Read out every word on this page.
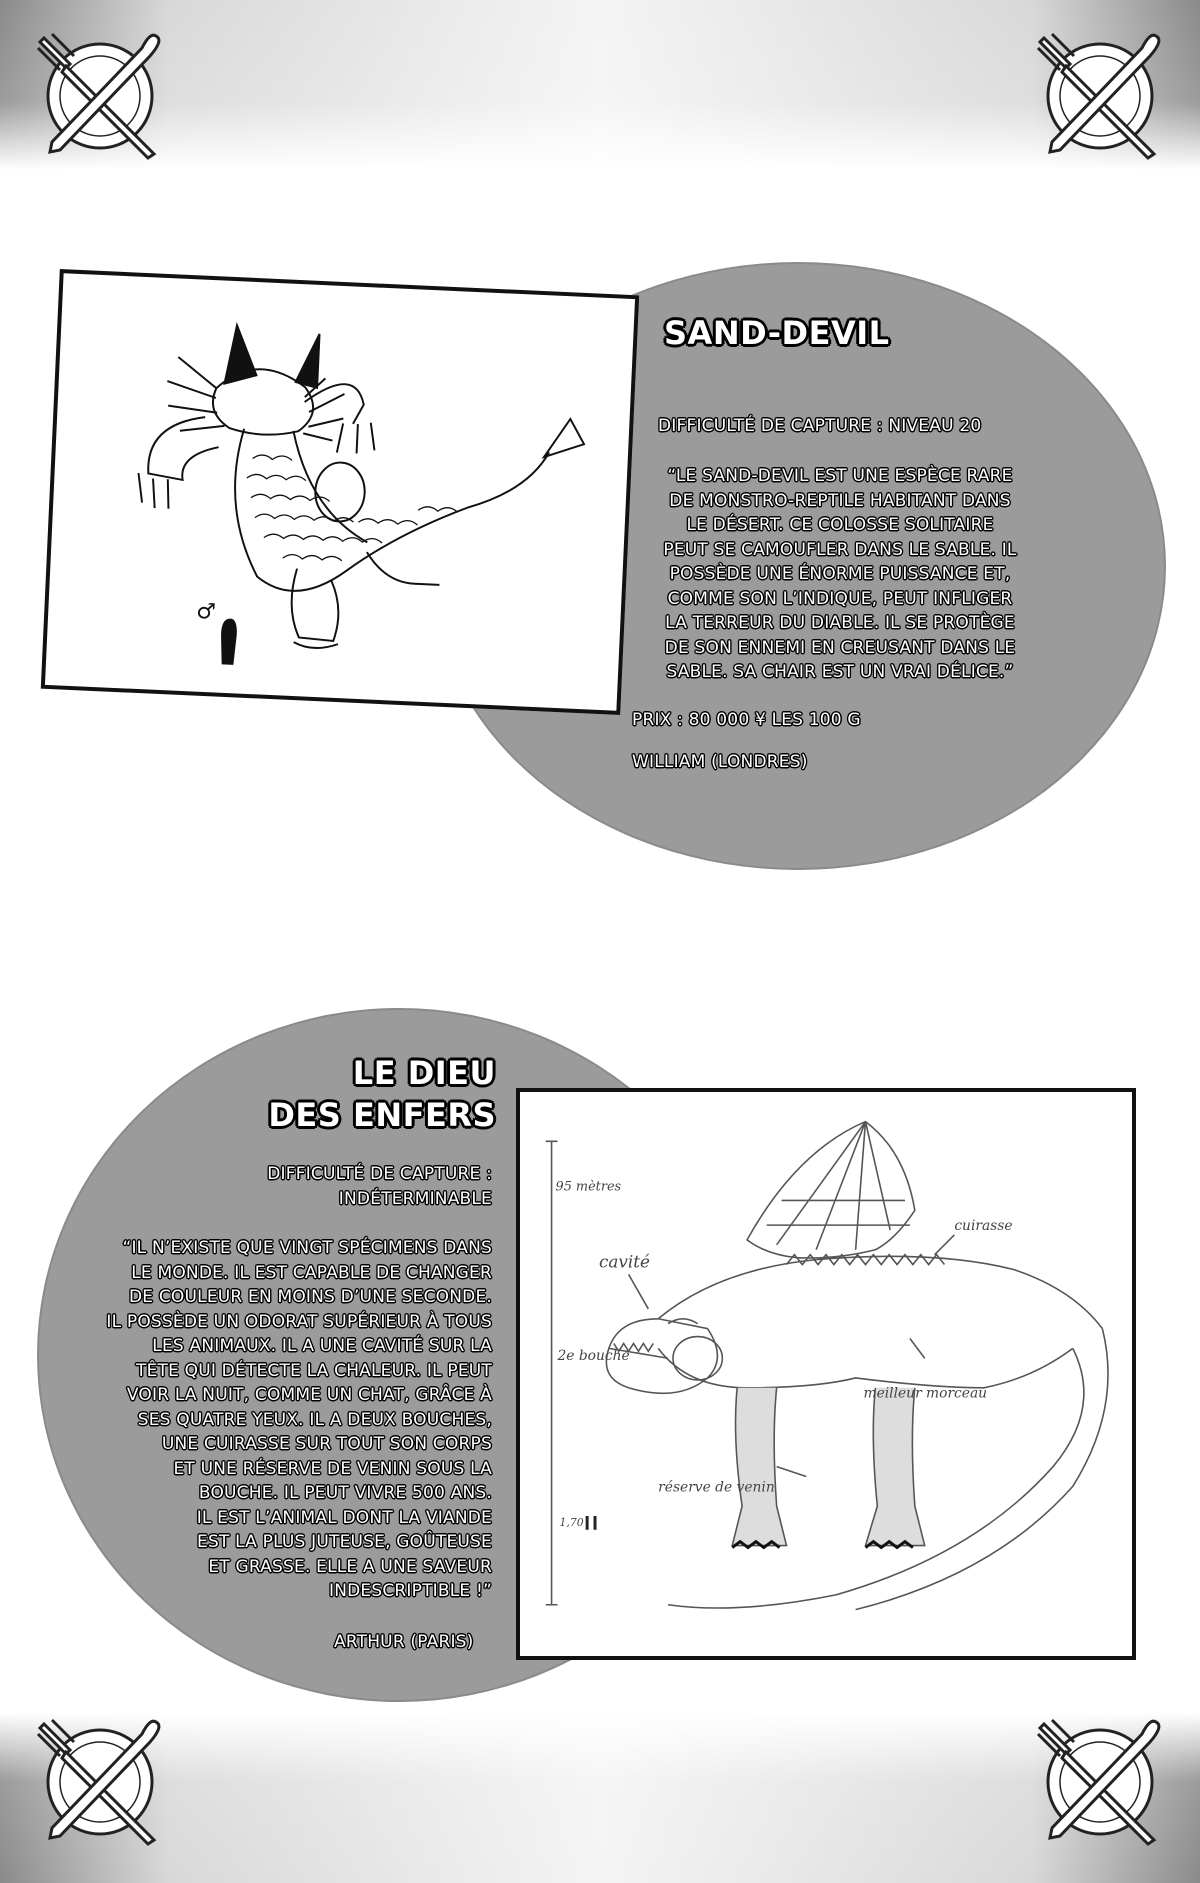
♂
SAND-DEVIL

DIFFICULTÉ DE CAPTURE : NIVEAU 20

“LE SAND-DEVIL EST UNE ESPÈCE RARE
DE MONSTRO-REPTILE HABITANT DANS
LE DÉSERT. CE COLOSSE SOLITAIRE
PEUT SE CAMOUFLER DANS LE SABLE. IL
POSSÈDE UNE ÉNORME PUISSANCE ET,
COMME SON L’INDIQUE, PEUT INFLIGER
LA TERREUR DU DIABLE. IL SE PROTÈGE
DE SON ENNEMI EN CREUSANT DANS LE
SABLE. SA CHAIR EST UN VRAI DÉLICE.”

PRIX : 80 000 ¥ LES 100 G

WILLIAM (LONDRES)

95 mètres
cavité
cuirasse
2e bouche
meilleur morceau
réserve de venin
1,70
LE DIEU
DES ENFERS
DIFFICULTÉ DE CAPTURE :
INDÉTERMINABLE
“IL N’EXISTE QUE VINGT SPÉCIMENS DANS
LE MONDE. IL EST CAPABLE DE CHANGER
DE COULEUR EN MOINS D’UNE SECONDE.
IL POSSÈDE UN ODORAT SUPÉRIEUR À TOUS
LES ANIMAUX. IL A UNE CAVITÉ SUR LA
TÊTE QUI DÉTECTE LA CHALEUR. IL PEUT
VOIR LA NUIT, COMME UN CHAT, GRÂCE À
SES QUATRE YEUX. IL A DEUX BOUCHES,
UNE CUIRASSE SUR TOUT SON CORPS
ET UNE RÉSERVE DE VENIN SOUS LA
BOUCHE. IL PEUT VIVRE 500 ANS.
IL EST L’ANIMAL DONT LA VIANDE
EST LA PLUS JUTEUSE, GOÛTEUSE
ET GRASSE. ELLE A UNE SAVEUR
INDESCRIPTIBLE !”

ARTHUR (PARIS)
